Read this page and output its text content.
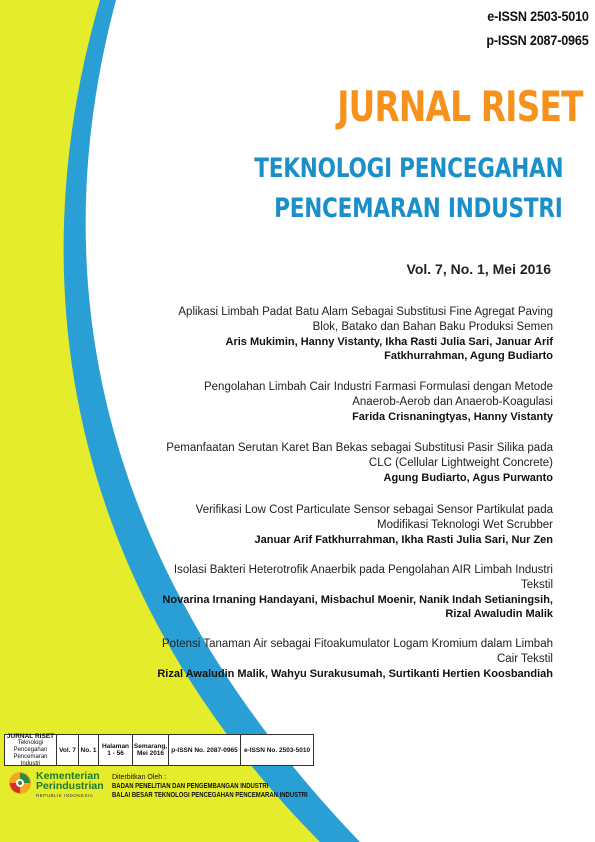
e-ISSN 2503-5010
p-ISSN 2087-0965
JURNAL RISET
TEKNOLOGI PENCEGAHAN
PENCEMARAN INDUSTRI
Vol. 7, No. 1, Mei 2016

Aplikasi Limbah Padat Batu Alam Sebagai Substitusi Fine Agregat Paving

Blok, Batako dan Bahan Baku Produksi Semen

Aris Mukimin, Hanny Vistanty, Ikha Rasti Julia Sari, Januar Arif

Fatkhurrahman, Agung Budiarto

Pengolahan Limbah Cair Industri Farmasi Formulasi dengan Metode

Anaerob-Aerob dan Anaerob-Koagulasi

Farida Crisnaningtyas, Hanny Vistanty

Pemanfaatan Serutan Karet Ban Bekas sebagai Substitusi Pasir Silika pada

CLC (Cellular Lightweight Concrete)

Agung Budiarto, Agus Purwanto

Verifikasi Low Cost Particulate Sensor sebagai Sensor Partikulat pada

Modifikasi Teknologi Wet Scrubber

Januar Arif Fatkhurrahman, Ikha Rasti Julia Sari, Nur Zen

Isolasi Bakteri Heterotrofik Anaerbik pada Pengolahan AIR Limbah Industri

Tekstil

Novarina Irnaning Handayani, Misbachul Moenir, Nanik Indah Setianingsih,

Rizal Awaludin Malik

Potensi Tanaman Air sebagai Fitoakumulator Logam Kromium dalam Limbah

Cair Tekstil

Rizal Awaludin Malik, Wahyu Surakusumah, Surtikanti Hertien Koosbandiah

JURNAL RISET
Teknologi Pencegahan
Pencemaran Industri
Vol. 7 No. 1 Halaman
1 - 56
Semarang,
Mei 2016 p-ISSN No. 2087-0965 e-ISSN No. 2503-5010
Kementerian
Perindustrian
REPUBLIK INDONESIA
Diterbitkan Oleh :
BADAN PENELITIAN DAN PENGEMBANGAN INDUSTRI
BALAI BESAR TEKNOLOGI PENCEGAHAN PENCEMARAN INDUSTRI
